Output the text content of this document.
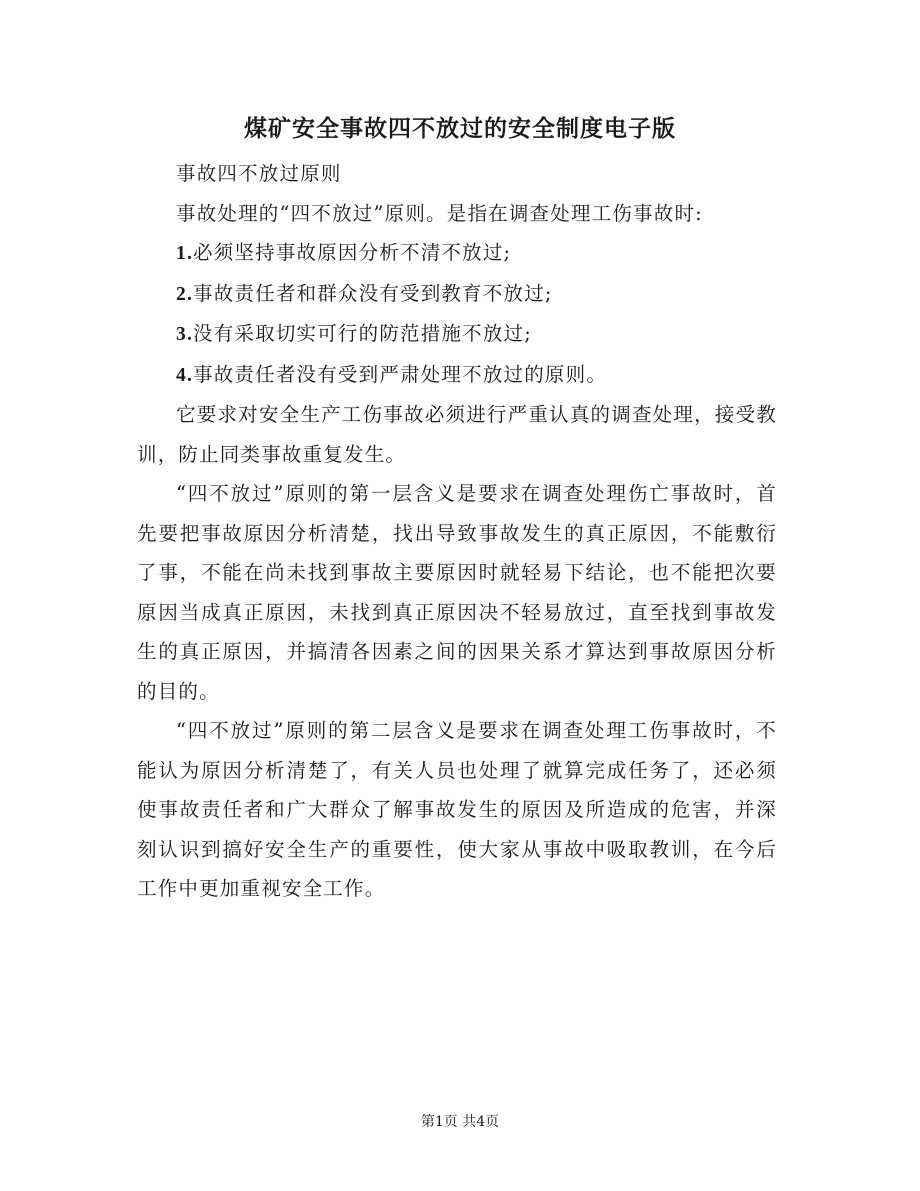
煤矿安全事故四不放过的安全制度电子版

事故四不放过原则

事故处理的“四不放过”原则。是指在调查处理工伤事故时:

1.必须坚持事故原因分析不清不放过;

2.事故责任者和群众没有受到教育不放过;

3.没有采取切实可行的防范措施不放过;

4.事故责任者没有受到严肃处理不放过的原则。

它要求对安全生产工伤事故必须进行严重认真的调查处理，接受教训，防止同类事故重复发生。

“四不放过”原则的第一层含义是要求在调查处理伤亡事故时，首先要把事故原因分析清楚，找出导致事故发生的真正原因，不能敷衍了事，不能在尚未找到事故主要原因时就轻易下结论，也不能把次要原因当成真正原因，未找到真正原因决不轻易放过，直至找到事故发生的真正原因，并搞清各因素之间的因果关系才算达到事故原因分析的目的。

“四不放过”原则的第二层含义是要求在调查处理工伤事故时，不能认为原因分析清楚了，有关人员也处理了就算完成任务了，还必须使事故责任者和广大群众了解事故发生的原因及所造成的危害，并深刻认识到搞好安全生产的重要性，使大家从事故中吸取教训，在今后工作中更加重视安全工作。

第1页 共4页
